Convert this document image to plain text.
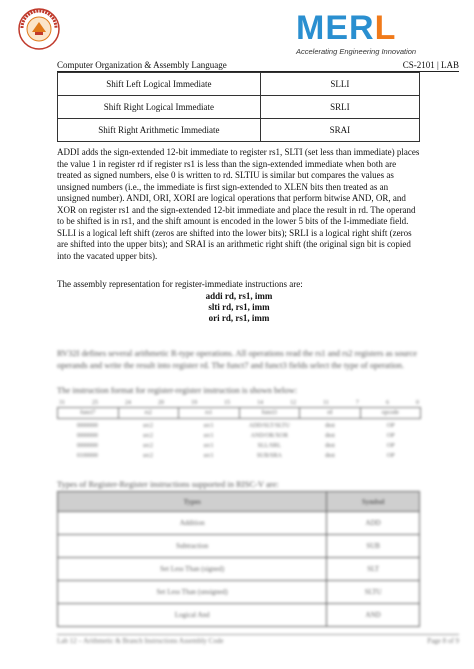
MERL
Accelerating Engineering Innovation
Computer Organization & Assembly Language	CS-2101 | LAB
Shift Left Logical Immediate	SLLI
Shift Right Logical Immediate	SRLI
Shift Right Arithmetic Immediate	SRAI
ADDI adds the sign-extended 12-bit immediate to register rs1, SLTI (set less than immediate) places the value 1 in register rd if register rs1 is less than the sign-extended immediate when both are treated as signed numbers, else 0 is written to rd. SLTIU is similar but compares the values as unsigned numbers (i.e., the immediate is first sign-extended to XLEN bits then treated as an unsigned number). ANDI, ORI, XORI are logical operations that perform bitwise AND, OR, and XOR on register rs1 and the sign-extended 12-bit immediate and place the result in rd. The operand to be shifted is in rs1, and the shift amount is encoded in the lower 5 bits of the I-immediate field. SLLI is a logical left shift (zeros are shifted into the lower bits); SRLI is a logical right shift (zeros are shifted into the upper bits); and SRAI is an arithmetic right shift (the original sign bit is copied into the vacated upper bits).
The assembly representation for register-immediate instructions are:
addi rd, rs1, imm
slti rd, rs1, imm
ori rd, rs1, imm
RV32I defines several arithmetic R-type operations. All operations read the rs1 and rs2 registers as source operands and write the result into register rd. The funct7 and funct3 fields select the type of operation.
The instruction format for register-register instruction is shown below:
31	25	24	20	19	15	14	12	11	7	6	0
funct7	rs2	rs1	funct3	rd	opcode
0000000	src2	src1	ADD/SLT/SLTU	dest	OP
0000000	src2	src1	AND/OR/XOR	dest	OP
0000000	src2	src1	SLL/SRL	dest	OP
0100000	src2	src1	SUB/SRA	dest	OP
Types of Register-Register instructions supported in RISC-V are:
Types	Symbol
Addition	ADD
Subtraction	SUB
Set Less Than (signed)	SLT
Set Less Than (unsigned)	SLTU
Logical And	AND
Lab 12 – Arithmetic & Branch Instructions Assembly Code	Page 8 of 9
